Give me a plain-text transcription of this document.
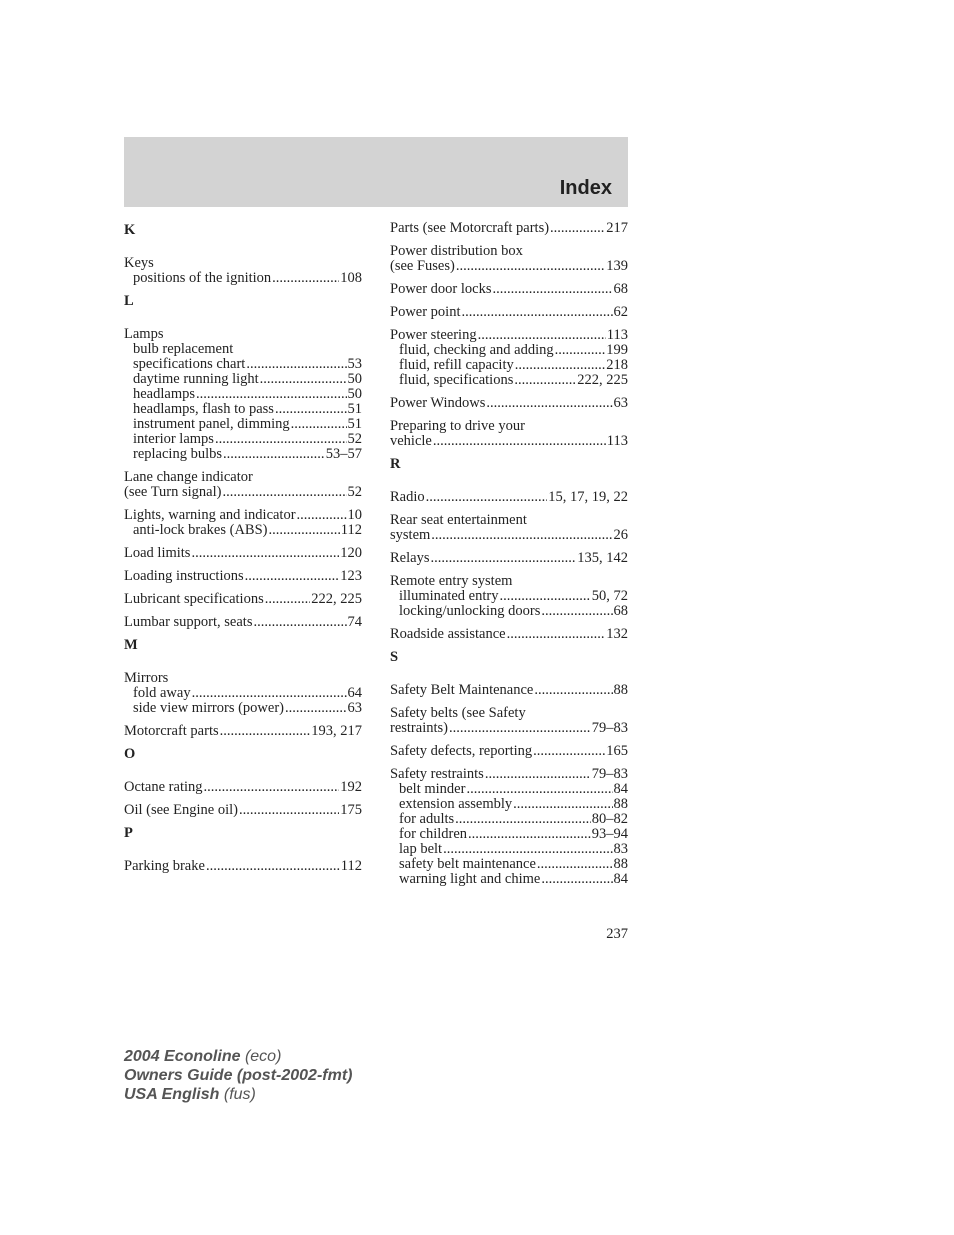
Index
K
Keys
positions of the ignition .....	108
L
Lamps
bulb replacement
specifications chart .....	53
daytime running light .....	50
headlamps .....	50
headlamps, flash to pass .....	51
instrument panel, dimming .....	51
interior lamps .....	52
replacing bulbs .....	53–57
Lane change indicator
(see Turn signal) .....	52
Lights, warning and indicator .....	10
anti-lock brakes (ABS) .....	112
Load limits .....	120
Loading instructions .....	123
Lubricant specifications .....	222, 225
Lumbar support, seats .....	74
M
Mirrors
fold away .....	64
side view mirrors (power) .....	63
Motorcraft parts .....	193, 217
O
Octane rating .....	192
Oil (see Engine oil) .....	175
P
Parking brake .....	112
Parts (see Motorcraft parts) .....	217
Power distribution box
(see Fuses) .....	139
Power door locks .....	68
Power point .....	62
Power steering .....	113
fluid, checking and adding .....	199
fluid, refill capacity .....	218
fluid, specifications .....	222, 225
Power Windows .....	63
Preparing to drive your
vehicle .....	113
R
Radio .....	15, 17, 19, 22
Rear seat entertainment
system .....	26
Relays .....	135, 142
Remote entry system
illuminated entry .....	50, 72
locking/unlocking doors .....	68
Roadside assistance .....	132
S
Safety Belt Maintenance .....	88
Safety belts (see Safety
restraints) .....	79–83
Safety defects, reporting .....	165
Safety restraints .....	79–83
belt minder .....	84
extension assembly .....	88
for adults .....	80–82
for children .....	93–94
lap belt .....	83
safety belt maintenance .....	88
warning light and chime .....	84
237
2004 Econoline (eco)
Owners Guide (post-2002-fmt)
USA English (fus)
